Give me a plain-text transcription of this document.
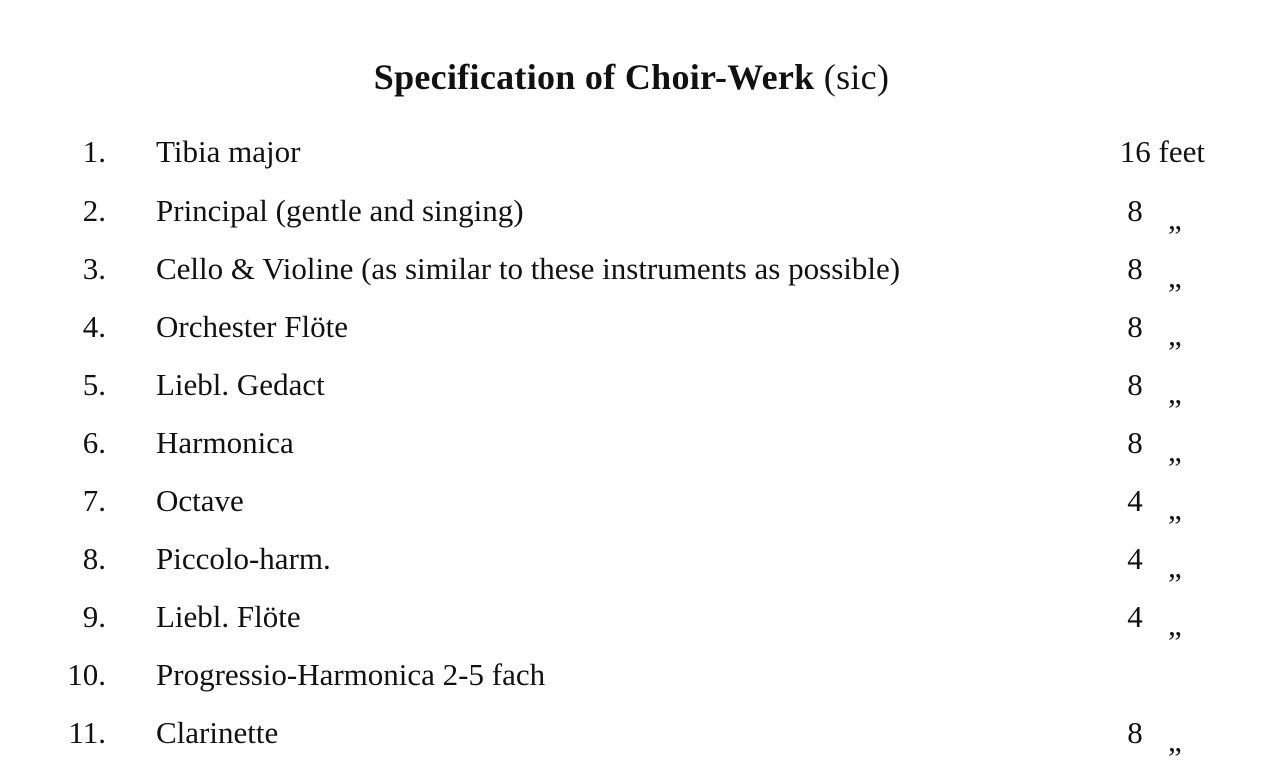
Specification of Choir-Werk (sic)
1. Tibia major	16 feet
2. Principal (gentle and singing)	8 „
3. Cello & Violine (as similar to these instruments as possible)	8 „
4. Orchester Flöte	8 „
5. Liebl. Gedact	8 „
6. Harmonica	8 „
7. Octave	4 „
8. Piccolo-harm.	4 „
9. Liebl. Flöte	4 „
10. Progressio-Harmonica 2-5 fach
11. Clarinette	8 „
